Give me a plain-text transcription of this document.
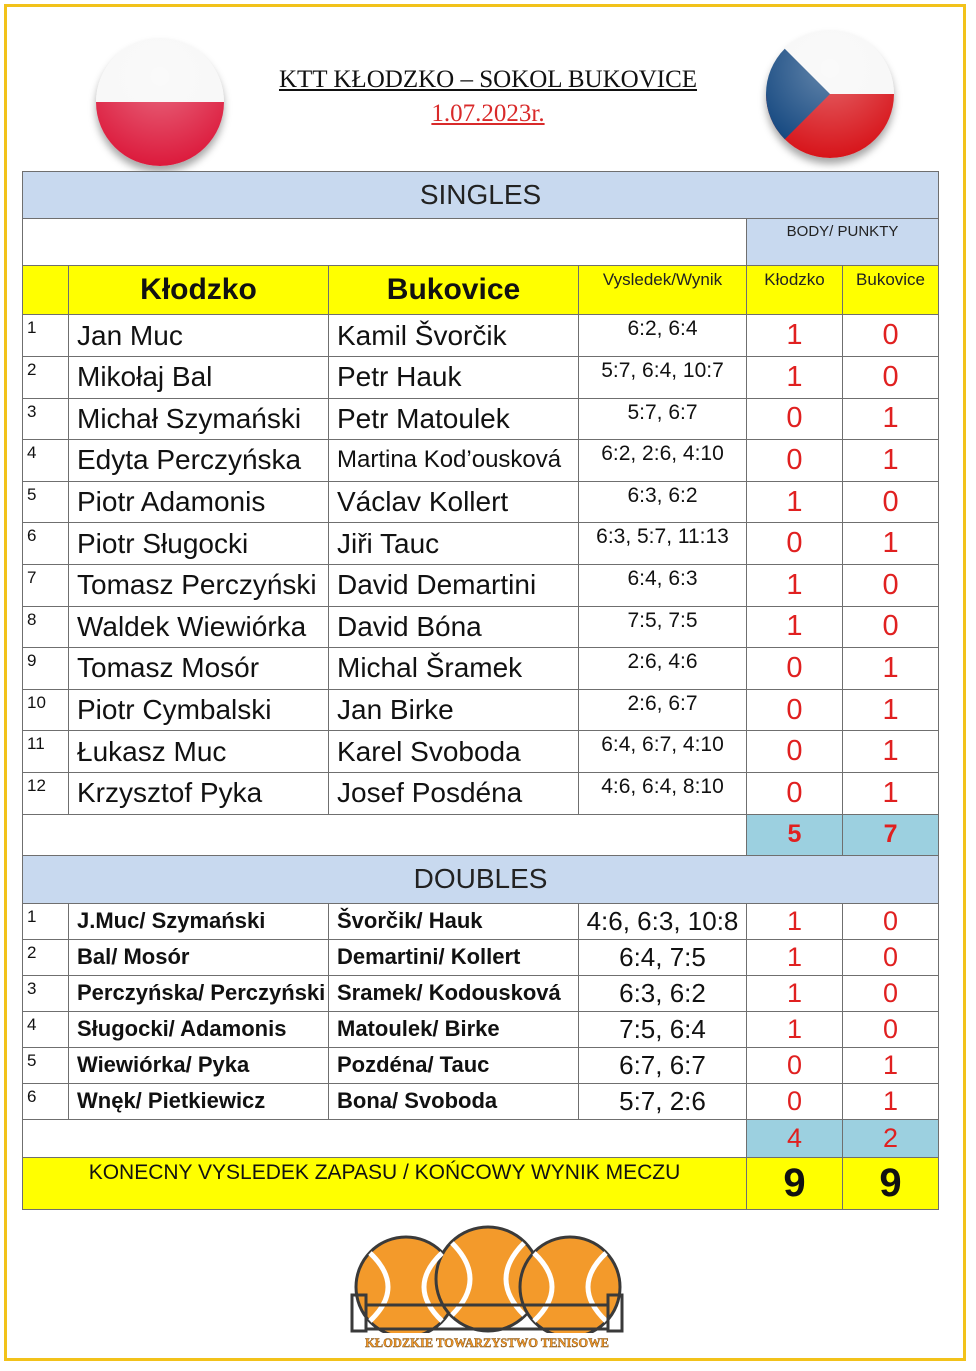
KTT KŁODZKO – SOKOL BUKOVICE
1.07.2023r.
SINGLES					
				BODY/ PUNKTY	
	Kłodzko	Bukovice	Vysledek/Wynik	Kłodzko	Bukovice
1	Jan Muc	Kamil Švorčik	6:2, 6:4	1	0
2	Mikołaj Bal	Petr Hauk	5:7, 6:4, 10:7	1	0
3	Michał Szymański	Petr Matoulek	5:7, 6:7	0	1
4	Edyta Perczyńska	Martina Kod’ousková	6:2, 2:6, 4:10	0	1
5	Piotr Adamonis	Václav Kollert	6:3, 6:2	1	0
6	Piotr Sługocki	Jiři Tauc	6:3, 5:7, 11:13	0	1
7	Tomasz Perczyński	David Demartini	6:4, 6:3	1	0
8	Waldek Wiewiórka	David Bóna	7:5, 7:5	1	0
9	Tomasz Mosór	Michal Šramek	2:6, 4:6	0	1
10	Piotr Cymbalski	Jan Birke	2:6, 6:7	0	1
11	Łukasz Muc	Karel Svoboda	6:4, 6:7, 4:10	0	1
12	Krzysztof Pyka	Josef Posdéna	4:6, 6:4, 8:10	0	1
				5	7
DOUBLES					
1	J.Muc/ Szymański	Švorčik/ Hauk	4:6, 6:3, 10:8	1	0
2	Bal/ Mosór	Demartini/ Kollert	6:4, 7:5	1	0
3	Perczyńska/ Perczyński	Sramek/ Kodousková	6:3, 6:2	1	0
4	Sługocki/ Adamonis	Matoulek/ Birke	7:5, 6:4	1	0
5	Wiewiórka/ Pyka	Pozdéna/ Tauc	6:7, 6:7	0	1
6	Wnęk/ Pietkiewicz	Bona/ Svoboda	5:7, 2:6	0	1
				4	2
KONECNY VYSLEDEK ZAPASU / KOŃCOWY WYNIK MECZU				9	9
KŁODZKIE TOWARZYSTWO TENISOWE
